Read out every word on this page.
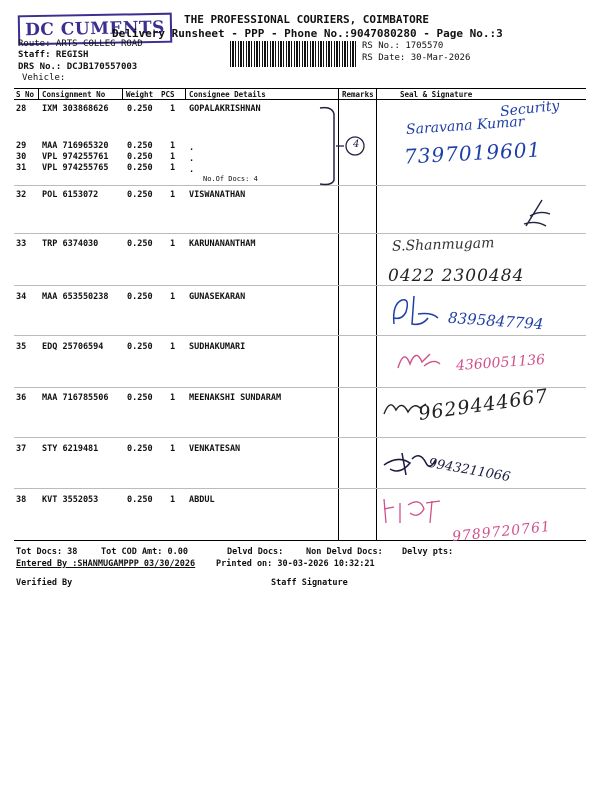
DC CUMENTS	THE PROFESSIONAL COURIERS, COIMBATORE
Delivery Runsheet - PPP - Phone No.:9047080280 - Page No.:3
Route: ARTS COLLEG ROAD
Staff: REGISH
DRS No.: DCJB170557003
Vehicle:
RS No.: 1705570
RS Date: 30-Mar-2026
S No Consignment No	Weight PCS Consignee Details	Remarks	Seal & Signature
28 IXM 303868626 0.250 1 GOPALAKRISHNAN
29 MAA 716965320 0.250 1 .
30 VPL 974255761 0.250 1 .
31 VPL 974255765 0.250 1 .
No.Of Docs: 4
32 POL 6153072	0.250 1 VISWANATHAN
33 TRP 6374030	0.250 1 KARUNANANTHAM
34 MAA 653550238 0.250 1 GUNASEKARAN
35 EDQ 25706594	0.250 1 SUDHAKUMARI
36 MAA 716785506 0.250 1 MEENAKSHI SUNDARAM
37 STY 6219481	0.250 1 VENKATESAN
38 KVT 3552053	0.250 1 ABDUL
4
Security
Saravana Kumar
7397019601
S.Shanmugam
0422 2300484
8395847794
4360051136
9629444667
9943211066
9789720761
Tot Docs: 38	Tot COD Amt: 0.00	Delvd Docs:	Non Delvd Docs: Delvy pts:
Entered By :SHANMUGAMPPP 03/30/2026 Printed on: 30-03-2026 10:32:21
Verified By	Staff Signature
